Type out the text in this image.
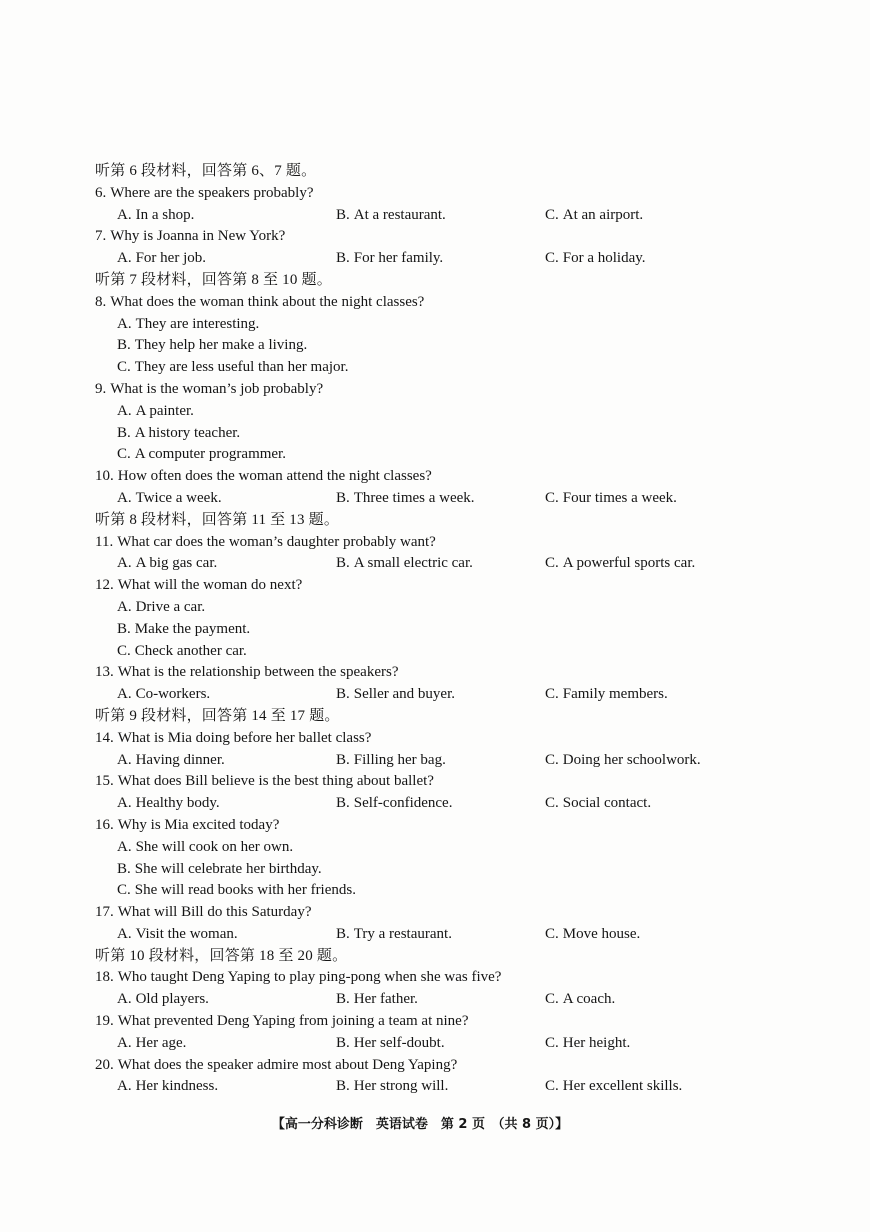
听第 6 段材料，回答第 6、7 题。
6. Where are the speakers probably?
A. In a shop.	B. At a restaurant.	C. At an airport.
7. Why is Joanna in New York?
A. For her job.	B. For her family.	C. For a holiday.
听第 7 段材料，回答第 8 至 10 题。
8. What does the woman think about the night classes?
A. They are interesting.
B. They help her make a living.
C. They are less useful than her major.
9. What is the woman’s job probably?
A. A painter.
B. A history teacher.
C. A computer programmer.
10. How often does the woman attend the night classes?
A. Twice a week.	B. Three times a week.	C. Four times a week.
听第 8 段材料，回答第 11 至 13 题。
11. What car does the woman’s daughter probably want?
A. A big gas car.	B. A small electric car.	C. A powerful sports car.
12. What will the woman do next?
A. Drive a car.
B. Make the payment.
C. Check another car.
13. What is the relationship between the speakers?
A. Co-workers.	B. Seller and buyer.	C. Family members.
听第 9 段材料，回答第 14 至 17 题。
14. What is Mia doing before her ballet class?
A. Having dinner.	B. Filling her bag.	C. Doing her schoolwork.
15. What does Bill believe is the best thing about ballet?
A. Healthy body.	B. Self-confidence.	C. Social contact.
16. Why is Mia excited today?
A. She will cook on her own.
B. She will celebrate her birthday.
C. She will read books with her friends.
17. What will Bill do this Saturday?
A. Visit the woman.	B. Try a restaurant.	C. Move house.
听第 10 段材料，回答第 18 至 20 题。
18. Who taught Deng Yaping to play ping-pong when she was five?
A. Old players.	B. Her father.	C. A coach.
19. What prevented Deng Yaping from joining a team at nine?
A. Her age.	B. Her self-doubt.	C. Her height.
20. What does the speaker admire most about Deng Yaping?
A. Her kindness.	B. Her strong will.	C. Her excellent skills.
【高一分科诊断　英语试卷　第 2 页　（共 8 页）】
